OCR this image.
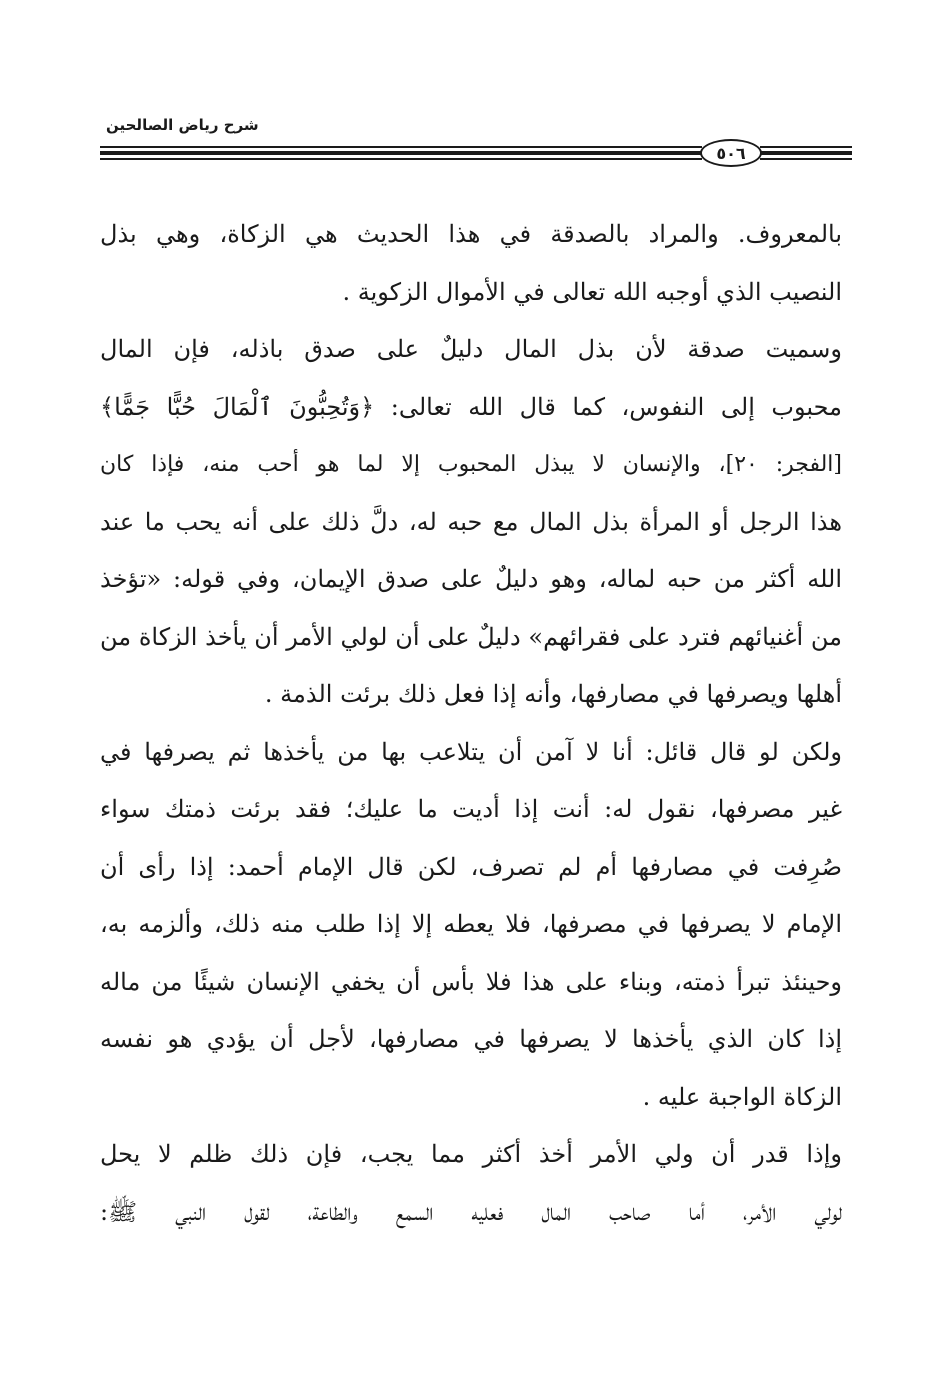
شرح رياض الصالحين
٥٠٦
بالمعروف. والمراد بالصدقة في هذا الحديث هي الزكاة، وهي بذل
النصيب الذي أوجبه الله تعالى في الأموال الزكوية .
وسميت صدقة لأن بذل المال دليلٌ على صدق باذله، فإن المال
محبوب إلى النفوس، كما قال الله تعالى: ﴿وَتُحِبُّونَ ٱلْمَالَ حُبًّا جَمًّا﴾
[الفجر: ٢٠]، والإنسان لا يبذل المحبوب إلا لما هو أحب منه، فإذا كان
هذا الرجل أو المرأة بذل المال مع حبه له، دلَّ ذلك على أنه يحب ما عند
الله أكثر من حبه لماله، وهو دليلٌ على صدق الإيمان، وفي قوله: «تؤخذ
من أغنيائهم فترد على فقرائهم» دليلٌ على أن لولي الأمر أن يأخذ الزكاة من
أهلها ويصرفها في مصارفها، وأنه إذا فعل ذلك برئت الذمة .
ولكن لو قال قائل: أنا لا آمن أن يتلاعب بها من يأخذها ثم يصرفها في
غير مصرفها، نقول له: أنت إذا أديت ما عليك؛ فقد برئت ذمتك سواء
صُرِفت في مصارفها أم لم تصرف، لكن قال الإمام أحمد: إذا رأى أن
الإمام لا يصرفها في مصرفها، فلا يعطه إلا إذا طلب منه ذلك، وألزمه به،
وحينئذ تبرأ ذمته، وبناء على هذا فلا بأس أن يخفي الإنسان شيئًا من ماله
إذا كان الذي يأخذها لا يصرفها في مصارفها، لأجل أن يؤدي هو نفسه
الزكاة الواجبة عليه .
وإذا قدر أن ولي الأمر أخذ أكثر مما يجب، فإن ذلك ظلم لا يحل
لولي الأمر، أما صاحب المال فعليه السمع والطاعة، لقول النبي ﷺ:
